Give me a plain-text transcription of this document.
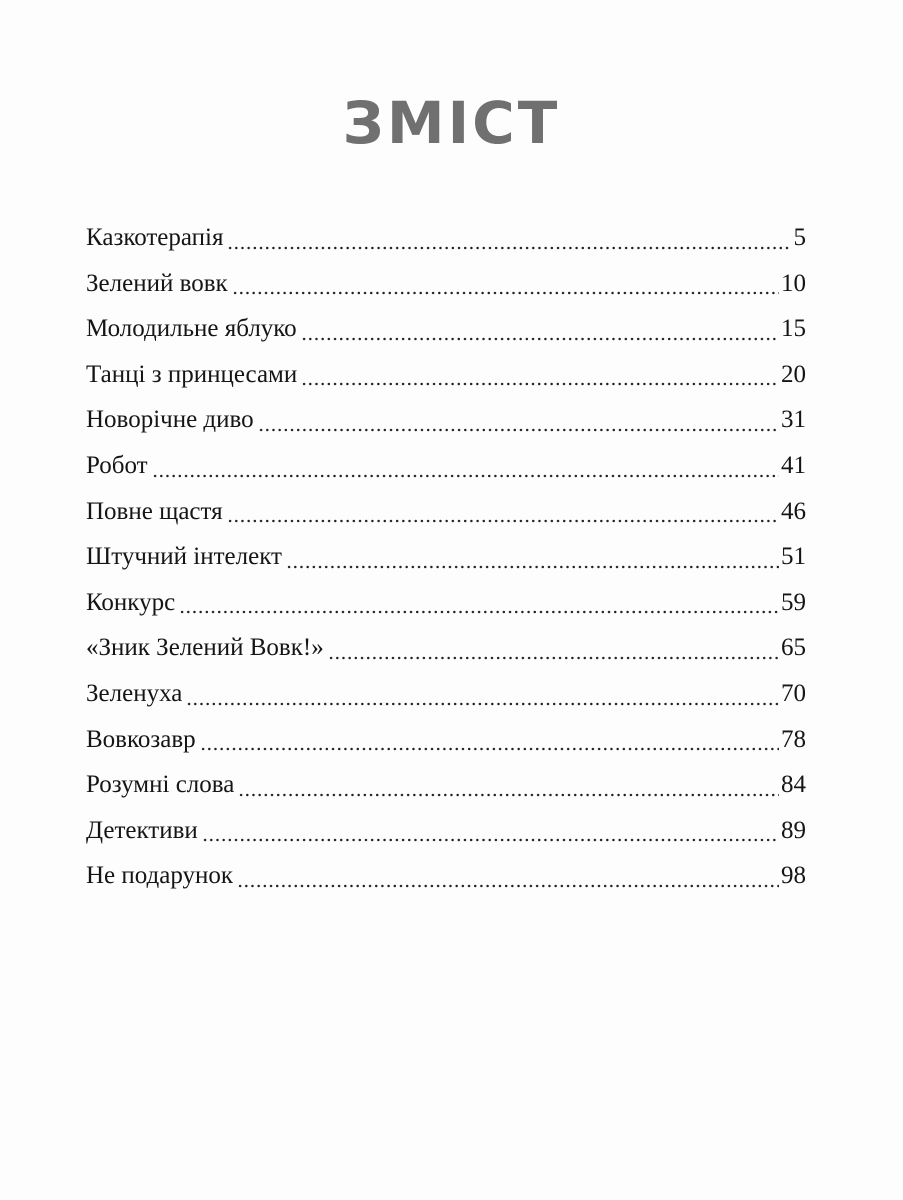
ЗМІСТ
Казкотерапія	5
Зелений вовк	10
Молодильне яблуко	15
Танці з принцесами	20
Новорічне диво	31
Робот	41
Повне щастя	46
Штучний інтелект	51
Конкурс	59
«Зник Зелений Вовк!»	65
Зеленуха	70
Вовкозавр	78
Розумні слова	84
Детективи	89
Не подарунок	98
